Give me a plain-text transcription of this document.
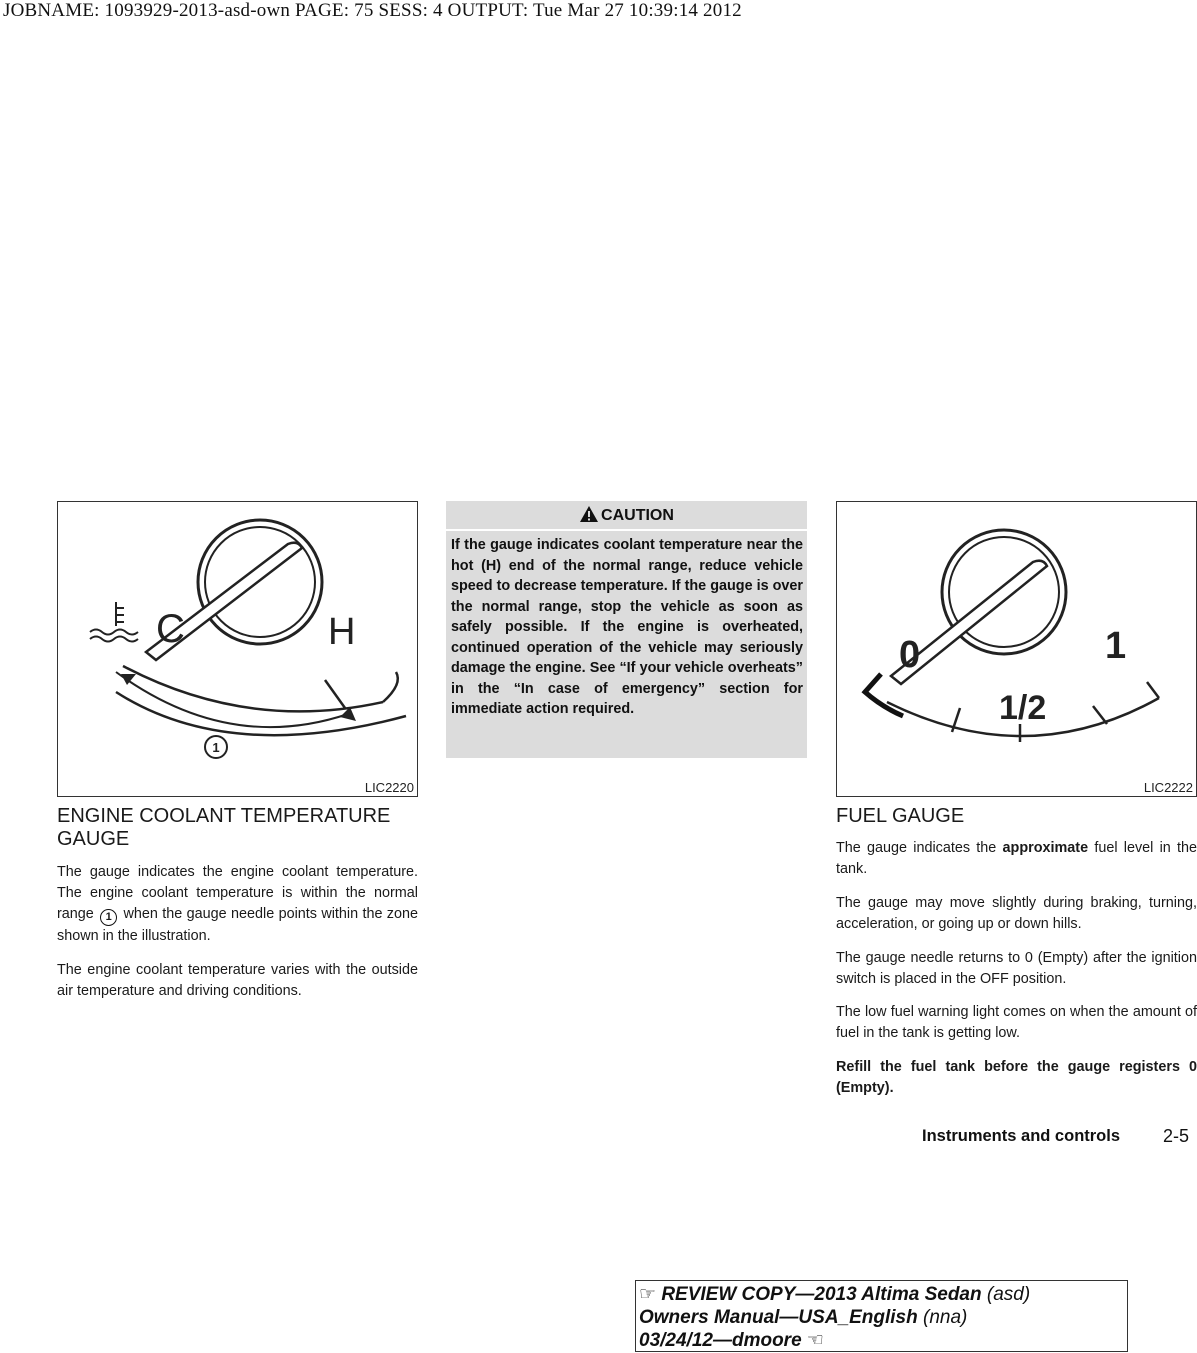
JOBNAME: 1093929-2013-asd-own PAGE: 75 SESS: 4 OUTPUT: Tue Mar 27 10:39:14 2012
C	H
1
LIC2220
CAUTION

If the gauge indicates coolant temperature near the hot (H) end of the normal range, reduce vehicle speed to decrease temperature. If the gauge is over the normal range, stop the vehicle as soon as safely possible. If the engine is overheated, continued operation of the vehicle may seriously damage the engine. See “If your vehicle overheats” in the “In case of emergency” section for immediate action required.

0
1/2
1
LIC2222
ENGINE COOLANT TEMPERATURE GAUGE

The gauge indicates the engine coolant temperature. The engine coolant temperature is within the normal range 1 when the gauge needle points within the zone shown in the illustration.

The engine coolant temperature varies with the outside air temperature and driving conditions.

FUEL GAUGE

The gauge indicates the approximate fuel level in the tank.

The gauge may move slightly during braking, turning, acceleration, or going up or down hills.

The gauge needle returns to 0 (Empty) after the ignition switch is placed in the OFF position.

The low fuel warning light comes on when the amount of fuel in the tank is getting low.

Refill the fuel tank before the gauge registers 0 (Empty).

Instruments and controls 2-5
☞ REVIEW COPY—2013 Altima Sedan (asd)
Owners Manual—USA_English (nna)
03/24/12—dmoore ☜
